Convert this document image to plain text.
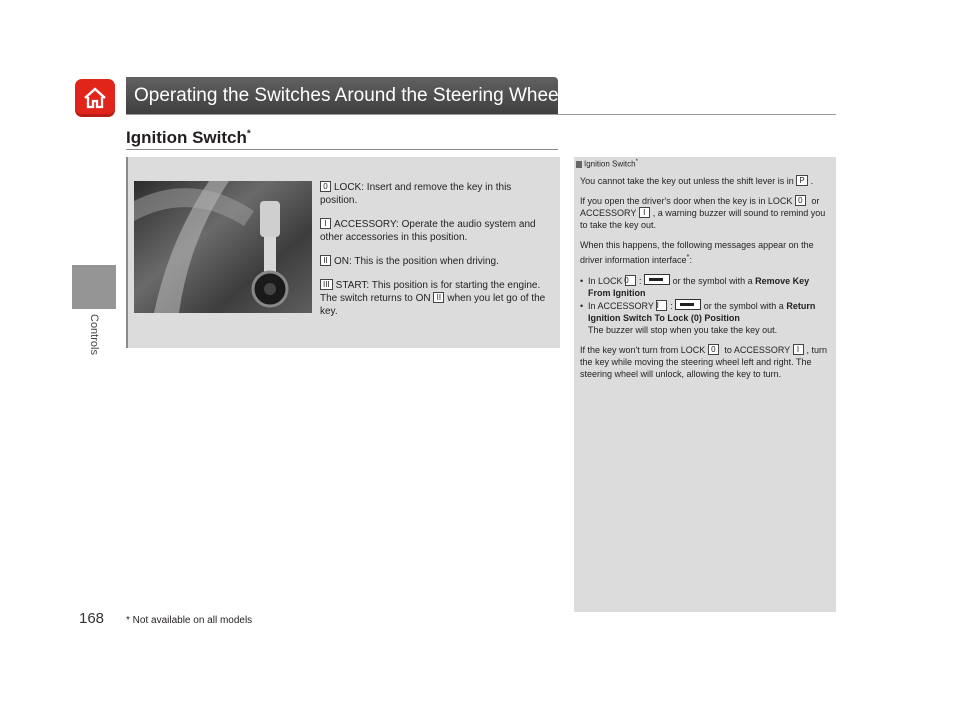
Operating the Switches Around the Steering Wheel
Controls
168
Ignition Switch*
0 LOCK: Insert and remove the key in this position.
I ACCESSORY: Operate the audio system and other accessories in this position.
II ON: This is the position when driving.
III START: This position is for starting the engine. The switch returns to ON II when you let go of the key.
Ignition Switch*

You cannot take the key out unless the shift lever is in P .

If you open the driver's door when the key is in LOCK 0 or ACCESSORY I , a warning buzzer will sound to remind you to take the key out.

When this happens, the following messages appear on the driver information interface*:

• In LOCK 0 :	or the symbol with a Remove Key From Ignition
• In ACCESSORY I :	or the symbol with a Return Ignition Switch To Lock (0) Position

The buzzer will stop when you take the key out.

If the key won't turn from LOCK 0 to ACCESSORY I , turn the key while moving the steering wheel left and right. The steering wheel will unlock, allowing the key to turn.

* Not available on all models
